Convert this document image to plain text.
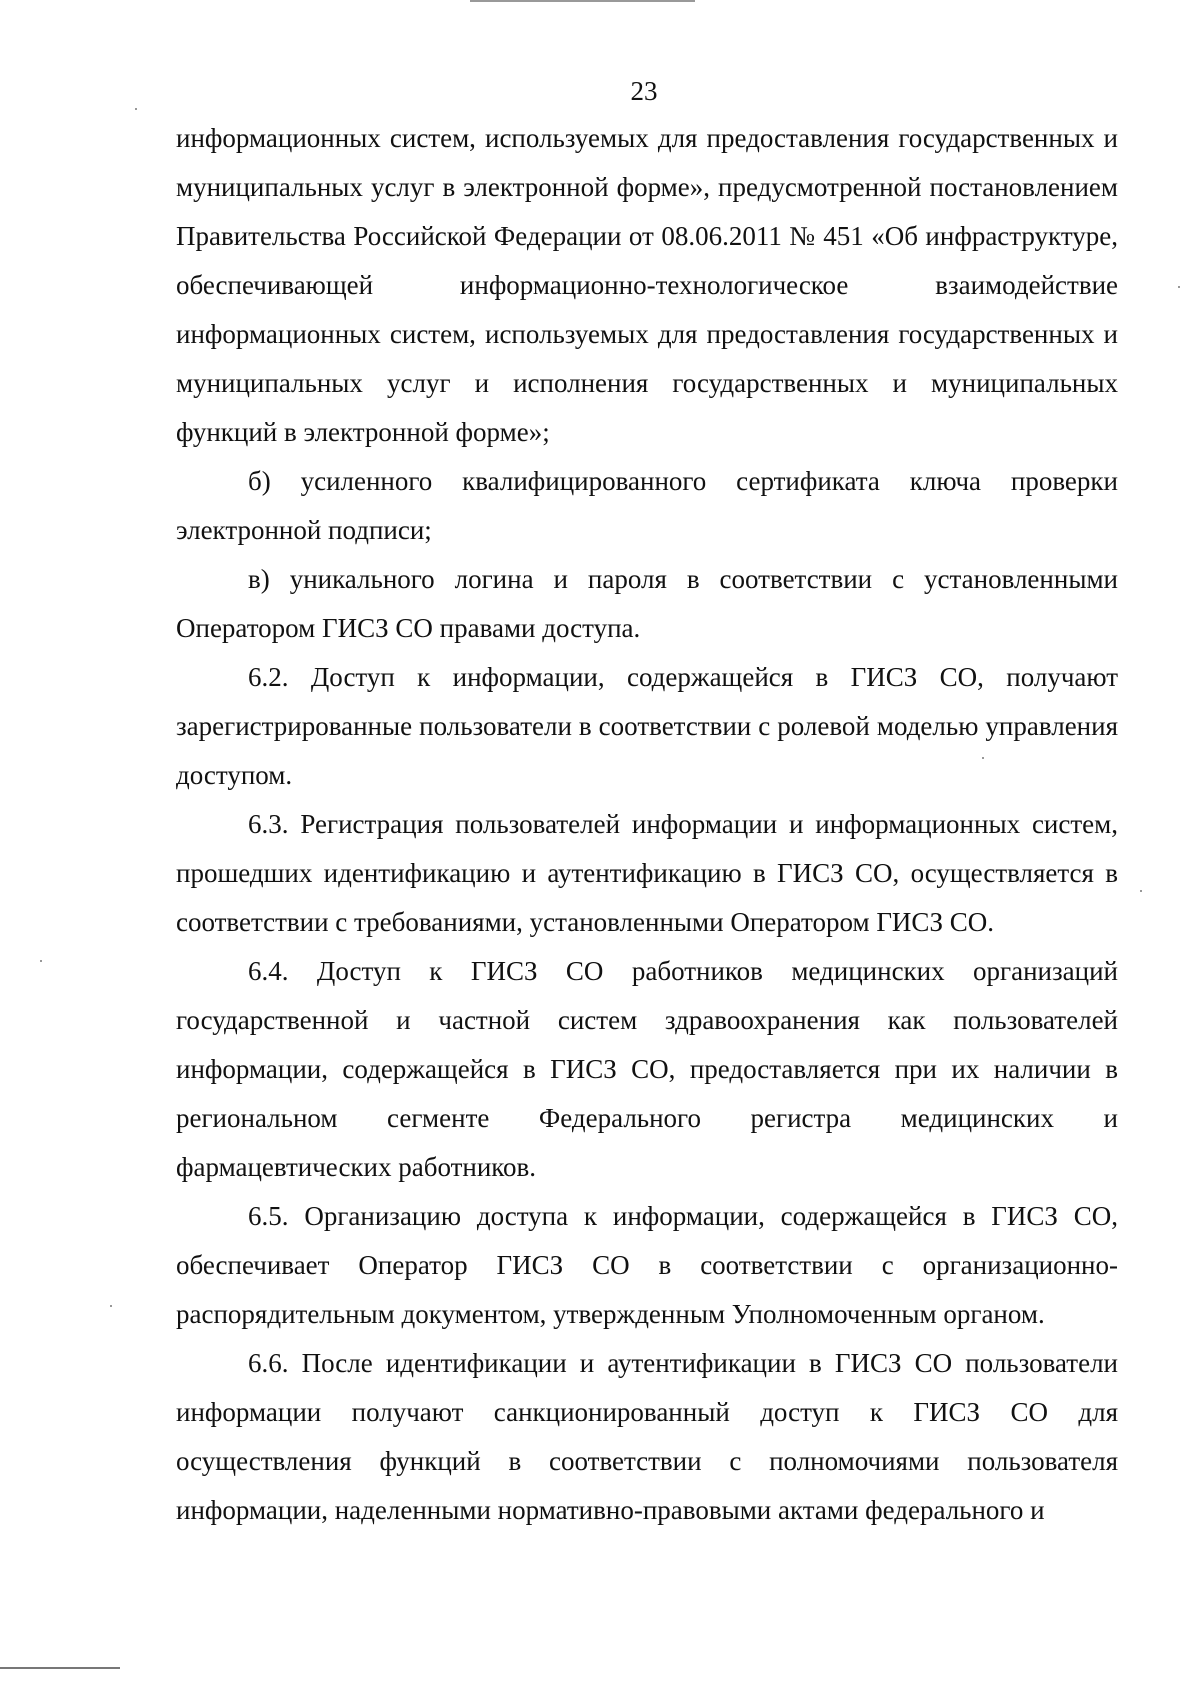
23

информационных систем, используемых для предоставления государственных и муниципальных услуг в электронной форме», предусмотренной постановлением Правительства Российской Федерации от 08.06.2011 № 451 «Об инфраструктуре, обеспечивающей информационно-технологическое взаимодействие информационных систем, используемых для предоставления государственных и муниципальных услуг и исполнения государственных и муниципальных функций в электронной форме»;

б) усиленного квалифицированного сертификата ключа проверки электронной подписи;

в) уникального логина и пароля в соответствии с установленными Оператором ГИСЗ СО правами доступа.

6.2. Доступ к информации, содержащейся в ГИСЗ СО, получают зарегистрированные пользователи в соответствии с ролевой моделью управления доступом.

6.3. Регистрация пользователей информации и информационных систем, прошедших идентификацию и аутентификацию в ГИСЗ СО, осуществляется в соответствии с требованиями, установленными Оператором ГИСЗ СО.

6.4. Доступ к ГИСЗ СО работников медицинских организаций государственной и частной систем здравоохранения как пользователей информации, содержащейся в ГИСЗ СО, предоставляется при их наличии в региональном сегменте Федерального регистра медицинских и фармацевтических работников.

6.5. Организацию доступа к информации, содержащейся в ГИСЗ СО, обеспечивает Оператор ГИСЗ СО в соответствии с организационно-распорядительным документом, утвержденным Уполномоченным органом.

6.6. После идентификации и аутентификации в ГИСЗ СО пользователи информации получают санкционированный доступ к ГИСЗ СО для осуществления функций в соответствии с полномочиями пользователя информации, наделенными нормативно-правовыми актами федерального и
